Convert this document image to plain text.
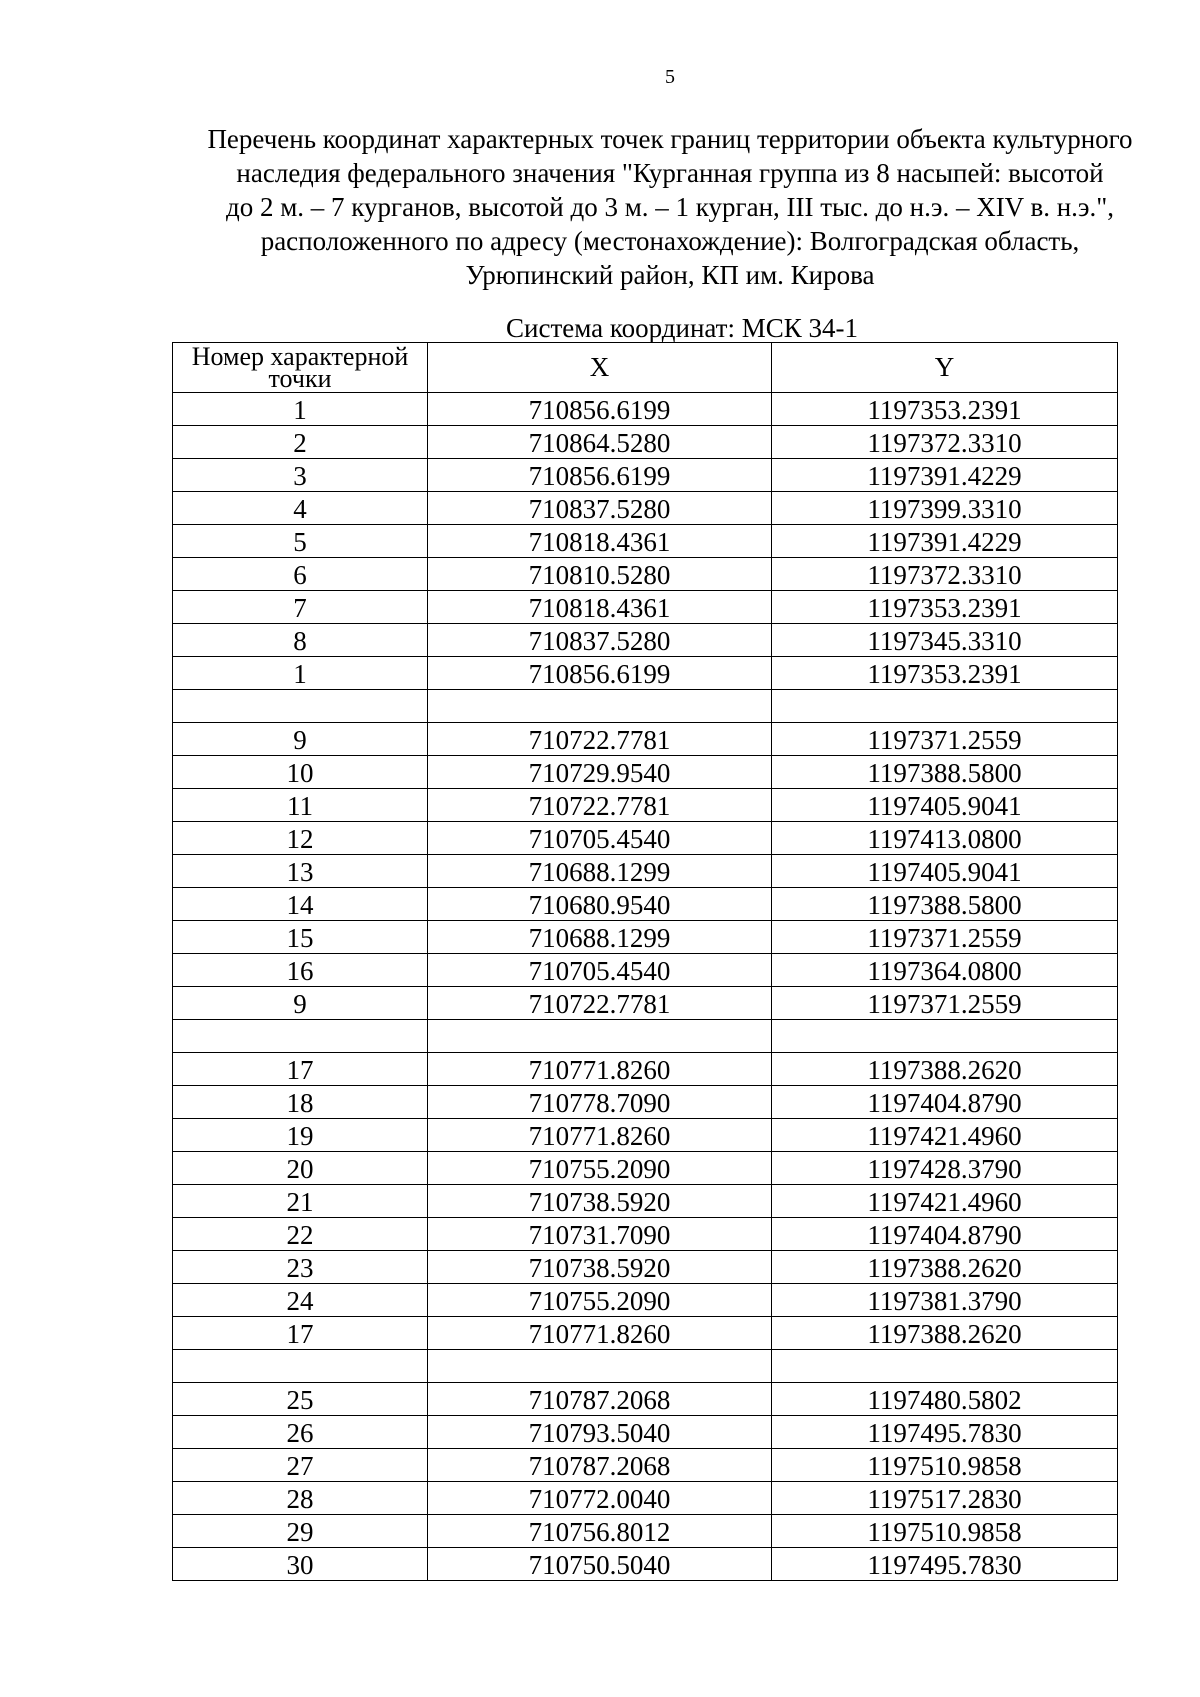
5
Перечень координат характерных точек границ территории объекта культурного
наследия федерального значения "Курганная группа из 8 насыпей: высотой
до 2 м. – 7 курганов, высотой до 3 м. – 1 курган, III тыс. до н.э. – XIV в. н.э.",
расположенного по адресу (местонахождение): Волгоградская область,
Урюпинский район, КП им. Кирова
Система координат: МСК 34-1
Номер характерной
точки	X	Y
1	710856.6199	1197353.2391
2	710864.5280	1197372.3310
3	710856.6199	1197391.4229
4	710837.5280	1197399.3310
5	710818.4361	1197391.4229
6	710810.5280	1197372.3310
7	710818.4361	1197353.2391
8	710837.5280	1197345.3310
1	710856.6199	1197353.2391

9	710722.7781	1197371.2559
10	710729.9540	1197388.5800
11	710722.7781	1197405.9041
12	710705.4540	1197413.0800
13	710688.1299	1197405.9041
14	710680.9540	1197388.5800
15	710688.1299	1197371.2559
16	710705.4540	1197364.0800
9	710722.7781	1197371.2559

17	710771.8260	1197388.2620
18	710778.7090	1197404.8790
19	710771.8260	1197421.4960
20	710755.2090	1197428.3790
21	710738.5920	1197421.4960
22	710731.7090	1197404.8790
23	710738.5920	1197388.2620
24	710755.2090	1197381.3790
17	710771.8260	1197388.2620

25	710787.2068	1197480.5802
26	710793.5040	1197495.7830
27	710787.2068	1197510.9858
28	710772.0040	1197517.2830
29	710756.8012	1197510.9858
30	710750.5040	1197495.7830
